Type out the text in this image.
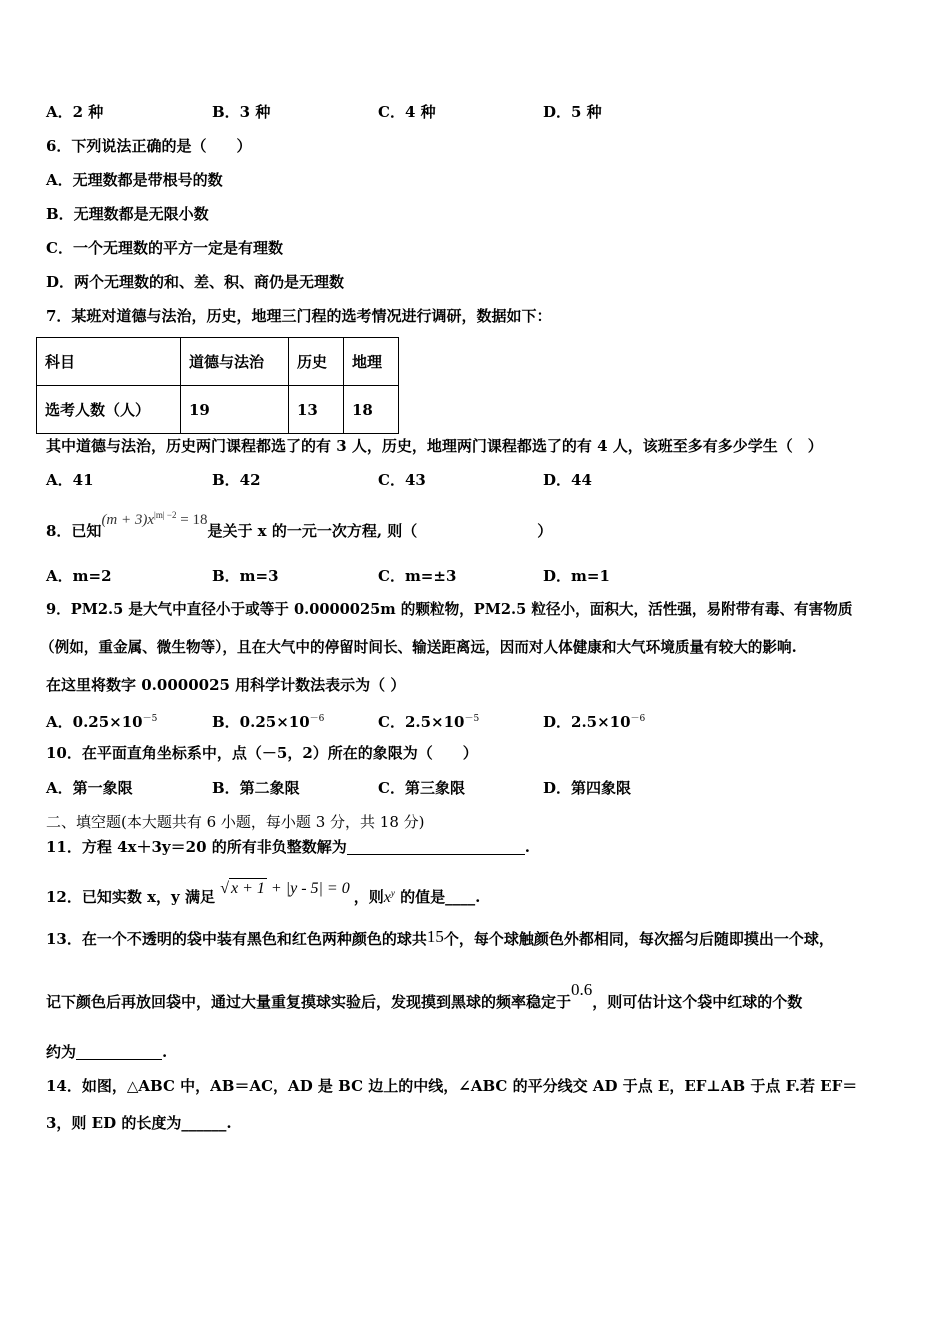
A．2 种	B．3 种	C．4 种	D．5 种
6．下列说法正确的是（　　）
A．无理数都是带根号的数
B．无理数都是无限小数
C．一个无理数的平方一定是有理数
D．两个无理数的和、差、积、商仍是无理数
7．某班对道德与法治，历史，地理三门程的选考情况进行调研，数据如下：
科目	道德与法治	历史	地理
选考人数（人）	19	13	18
其中道德与法治，历史两门课程都选了的有 3 人，历史，地理两门课程都选了的有 4 人，该班至多有多少学生（　）
A．41	B．42	C．43	D．44
8．已知$(m + 3)x^{|m| -2} = 18$是关于 x 的一元一次方程, 则（　　　　　　　　）
A．m=2	B．m=3	C．m=±3	D．m=1
9．PM2.5 是大气中直径小于或等于 0.0000025m 的颗粒物，PM2.5 粒径小，面积大，活性强，易附带有毒、有害物质
（例如，重金属、微生物等），且在大气中的停留时间长、输送距离远，因而对人体健康和大气环境质量有较大的影响.
在这里将数字 0.0000025 用科学计数法表示为（ ）
A．$0.25\times 10^{-5}$	B．$0.25\times 10^{-6}$	C．$2.5\times 10^{-5}$	D．$2.5\times 10^{-6}$
10．在平面直角坐标系中，点（－5，2）所在的象限为（　　）
A．第一象限	B．第二象限	C．第三象限	D．第四象限
二、填空题(本大题共有 6 小题，每小题 3 分，共 18 分)
11．方程 4x＋3y＝20 的所有非负整数解为	.
12．已知实数 x，y 满足 √ x + 1 + |y - 5| = 0 ，则$x^y$ 的值是____.
13．在一个不透明的袋中装有黑色和红色两种颜色的球共15个，每个球触颜色外都相同，每次摇匀后随即摸出一个球，
记下颜色后再放回袋中，通过大量重复摸球实验后，发现摸到黑球的频率稳定于0.6，则可估计这个袋中红球的个数
约为	.
14．如图，△ABC 中，AB＝AC，AD 是 BC 边上的中线，∠ABC 的平分线交 AD 于点 E，EF⊥AB 于点 F.若 EF＝
3，则 ED 的长度为______.
